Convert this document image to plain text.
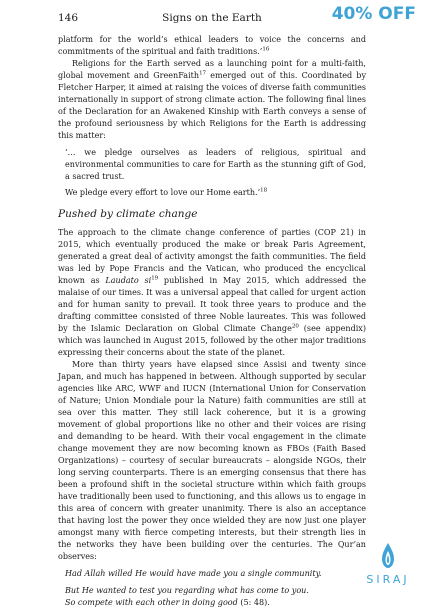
146	Signs on the Earth	40% OFF

platform for the world’s ethical leaders to voice the concerns and commitments of the spiritual and faith traditions.’$^{16}$

Religions for the Earth served as a launching point for a multi-faith, global movement and GreenFaith$^{17}$ emerged out of this. Coordinated by Fletcher Harper, it aimed at raising the voices of diverse faith communities internationally in support of strong climate action. The following final lines of the Declaration for an Awakened Kinship with Earth conveys a sense of the profound seriousness by which Religions for the Earth is addressing this matter:

‘… we pledge ourselves as leaders of religious, spiritual and environmental communities to care for Earth as the stunning gift of God, a sacred trust.

We pledge every effort to love our Home earth.’$^{18}$

Pushed by climate change

The approach to the climate change conference of parties (COP 21) in 2015, which eventually produced the make or break Paris Agreement, generated a great deal of activity amongst the faith communities. The field was led by Pope Francis and the Vatican, who produced the encyclical known as Laudato $si^{19}$ published in May 2015, which addressed the malaise of our times. It was a universal appeal that called for urgent action and for human sanity to prevail. It took three years to produce and the drafting committee consisted of three Noble laureates. This was followed by the Islamic Declaration on Global Climate Change$^{20}$ (see appendix) which was launched in August 2015, followed by the other major traditions expressing their concerns about the state of the planet.

More than thirty years have elapsed since Assisi and twenty since Japan, and much has happened in between. Although supported by secular agencies like ARC, WWF and IUCN (International Union for Conservation of Nature; Union Mondiale pour la Nature) faith communities are still at sea over this matter. They still lack coherence, but it is a growing movement of global proportions like no other and their voices are rising and demanding to be heard. With their vocal engagement in the climate change movement they are now becoming known as FBOs (Faith Based Organizations) – courtesy of secular bureaucrats – alongside NGOs, their long serving counterparts. There is an emerging consensus that there has been a profound shift in the societal structure within which faith groups have traditionally been used to functioning, and this allows us to engage in this area of concern with greater unanimity. There is also an acceptance that having lost the power they once wielded they are now just one player amongst many with fierce competing interests, but their strength lies in the networks they have been building over the centuries. The Qur’an observes:

Had Allah willed He would have made you a single community.

But He wanted to test you regarding what has come to you.

So compete with each other in doing good (5: 48).

SIRAJ
